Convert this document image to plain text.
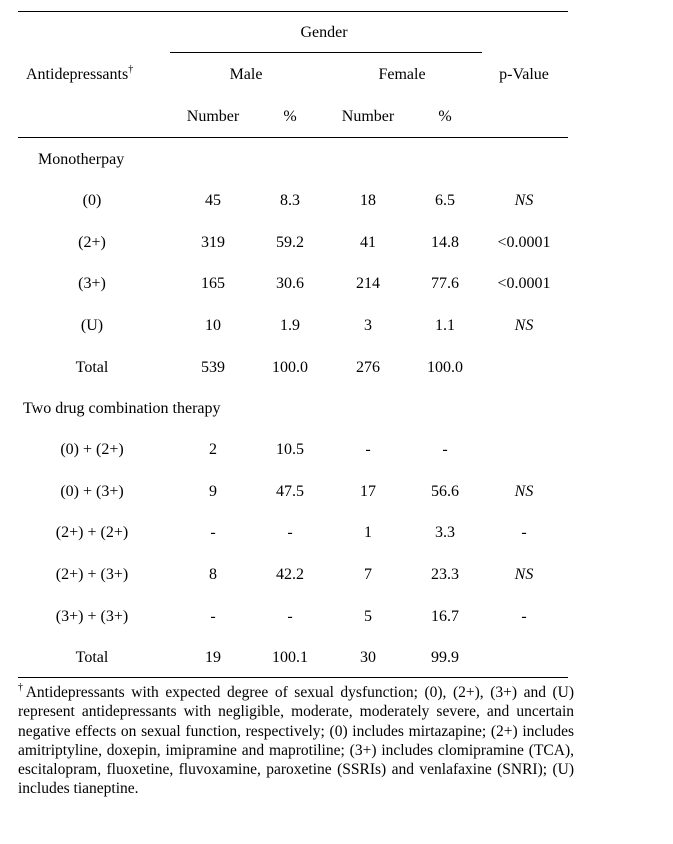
Gender
Antidepressants†	Male	Female	p-Value
Number	%	Number	%
Monotherpay
(0)	45	8.3	18	6.5	NS
(2+)	319	59.2	41	14.8 <0.0001
(3+)	165	30.6	214	77.6 <0.0001
(U)	10	1.9	3	1.1	NS
Total	539	100.0	276	100.0
Two drug combination therapy
(0) + (2+)	2	10.5	-	-
(0) + (3+)	9	47.5	17	56.6	NS
(2+) + (2+)	-	-	1	3.3	-
(2+) + (3+)	8	42.2	7	23.3	NS
(3+) + (3+)	-	-	5	16.7	-
Total	19	100.1	30	99.9
†Antidepressants with expected degree of sexual dysfunction; (0), (2+), (3+) and (U) represent antidepressants with negligible, moderate, moderately severe, and uncertain negative effects on sexual function, respectively; (0) includes mirtazapine; (2+) includes amitriptyline, doxepin, imipramine and maprotiline; (3+) includes clomipramine (TCA), escitalopram, fluoxetine, fluvoxamine, paroxetine (SSRIs) and venlafaxine (SNRI); (U) includes tianeptine.
